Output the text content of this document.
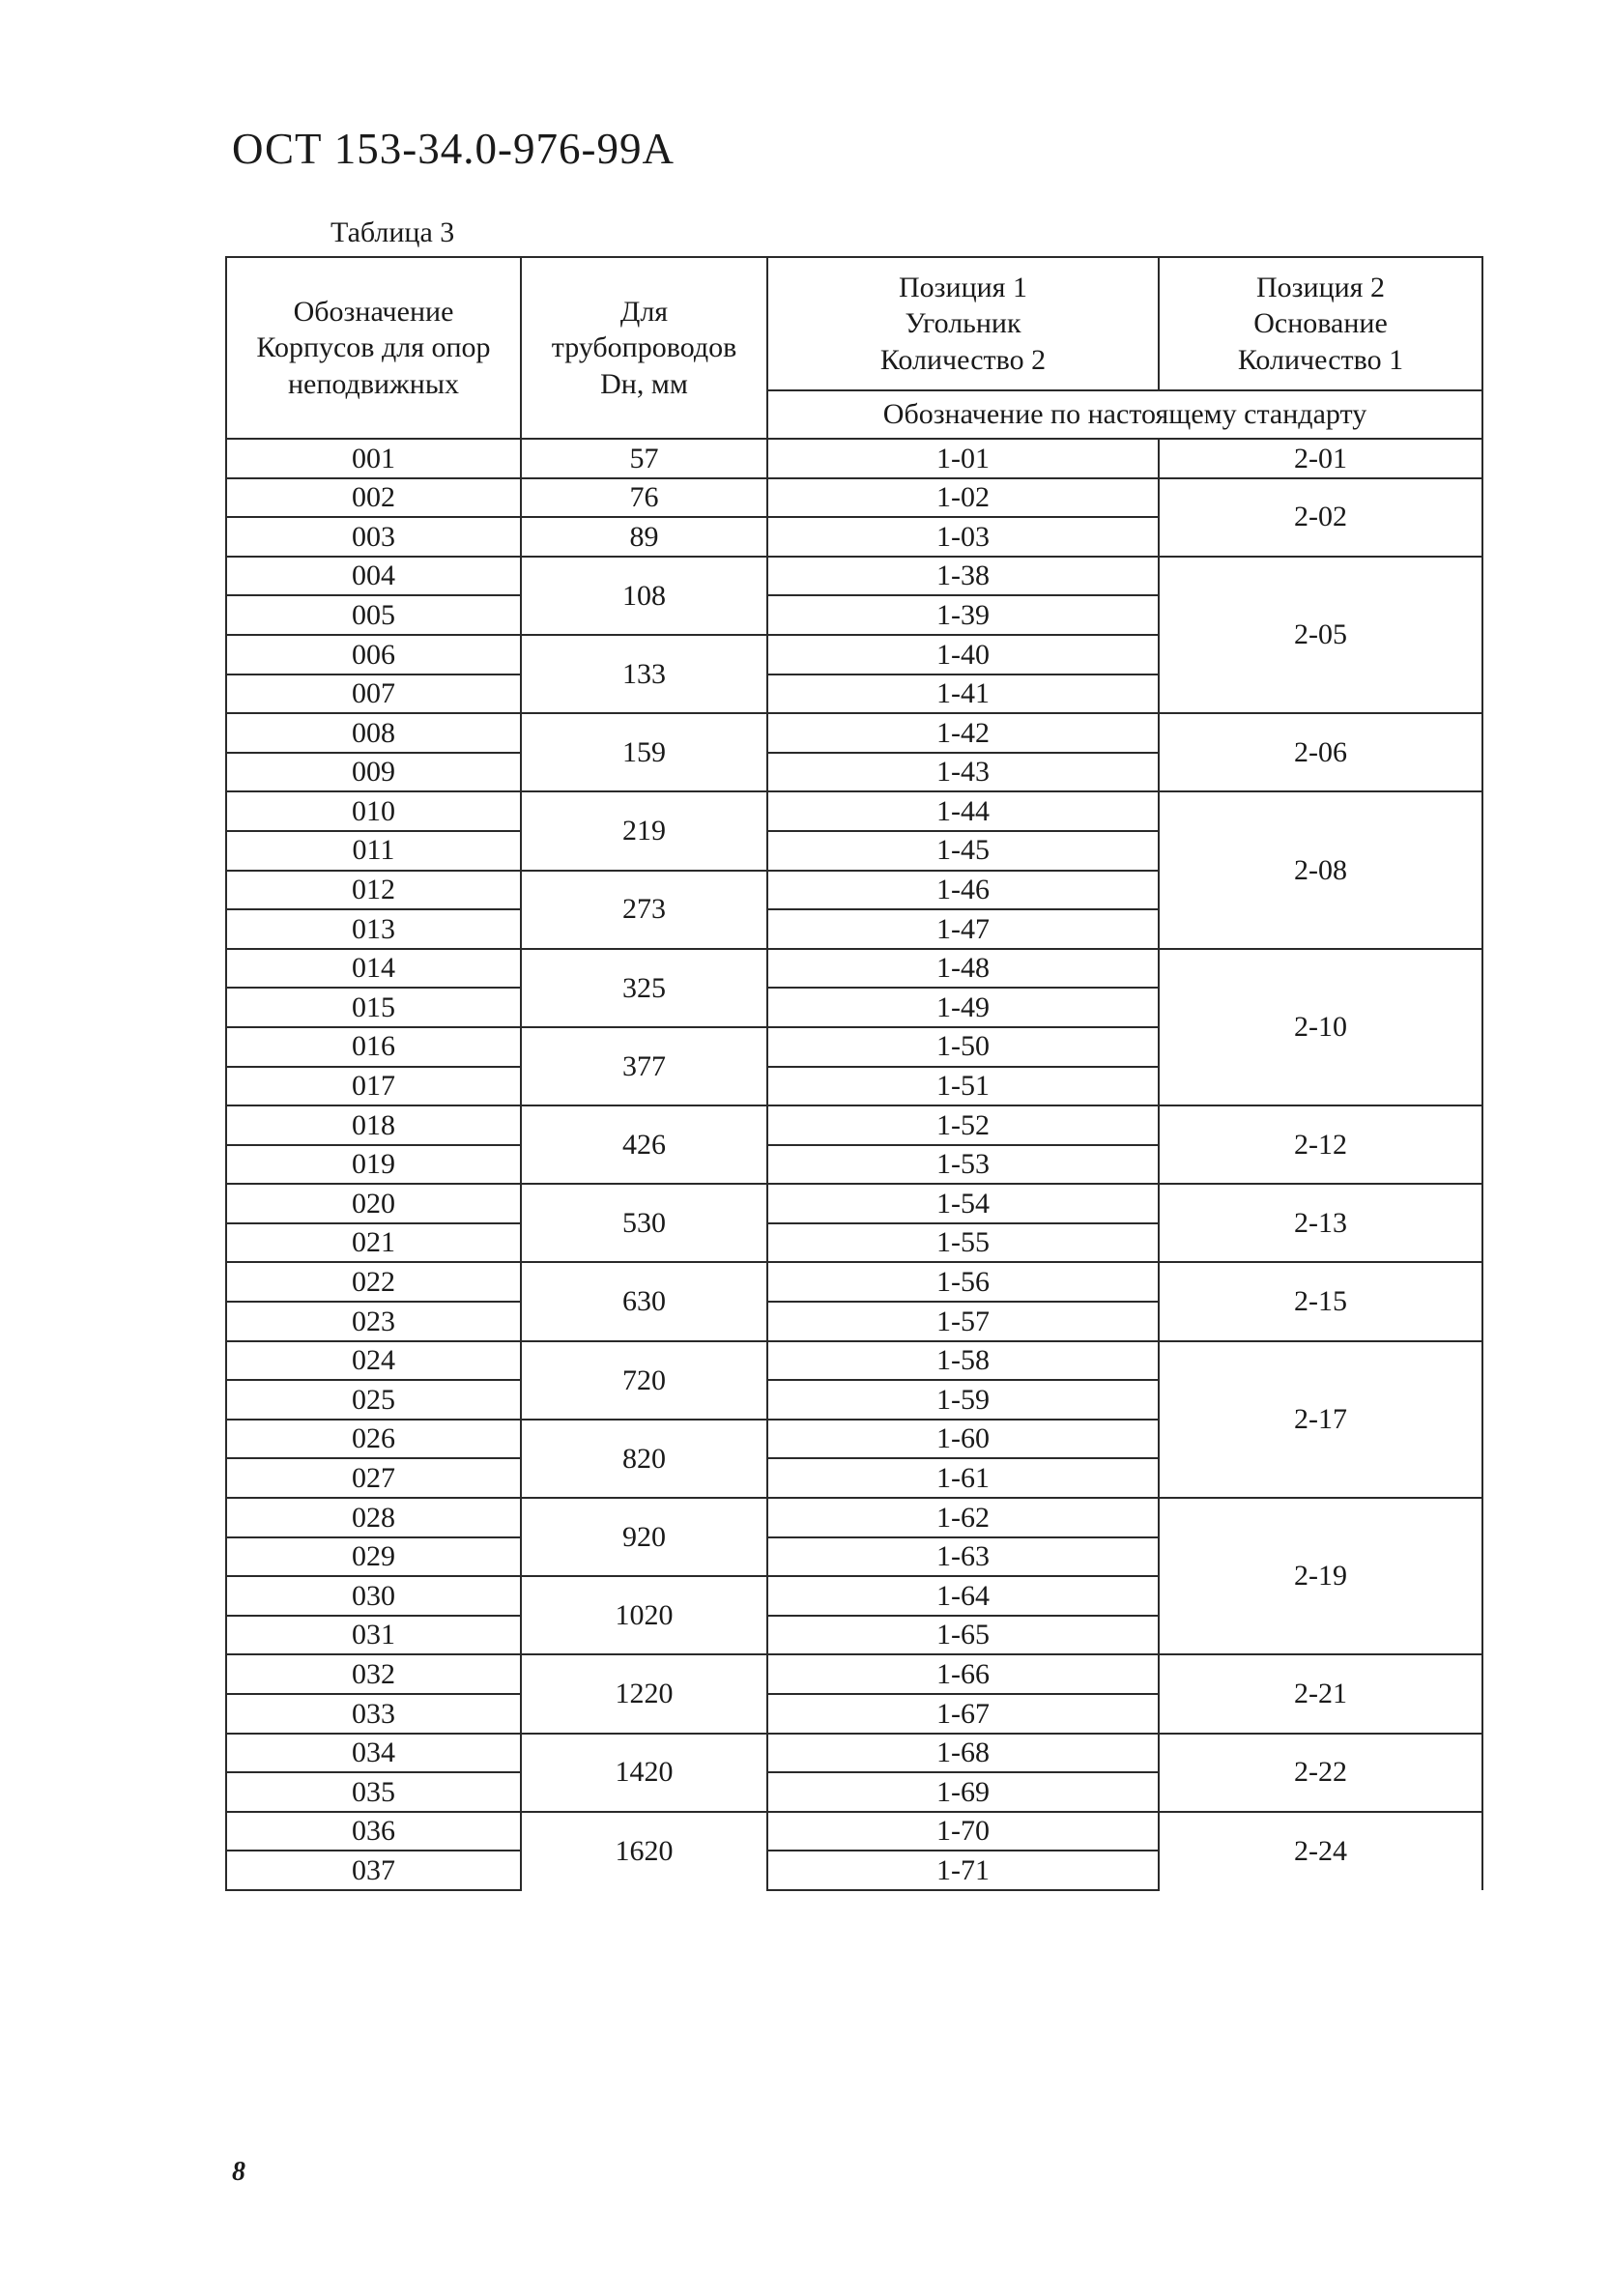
ОСТ 153-34.0-976-99А
Таблица 3
Обозначение
Корпусов для опор
неподвижных	Для
трубопроводов
Dн, мм	Позиция 1
Угольник
Количество 2	Позиция 2
Основание
Количество 1

		Обозначение по настоящему стандарту	
001	57	1-01	2-01
002	76	1-02	2-02
003	89	1-03	
004	108	1-38	2-05
005		1-39	
006	133	1-40	
007		1-41	
008	159	1-42	2-06
009		1-43	
010	219	1-44	2-08
011		1-45	
012	273	1-46	
013		1-47	
014	325	1-48	2-10
015		1-49	
016	377	1-50	
017		1-51	
018	426	1-52	2-12
019		1-53	
020	530	1-54	2-13
021		1-55	
022	630	1-56	2-15
023		1-57	
024	720	1-58	2-17
025		1-59	
026	820	1-60	
027		1-61	
028	920	1-62	2-19
029		1-63	
030	1020	1-64	
031		1-65	
032	1220	1-66	2-21
033		1-67	
034	1420	1-68	2-22
035		1-69	
036	1620	1-70	2-24
037		1-71	
8
